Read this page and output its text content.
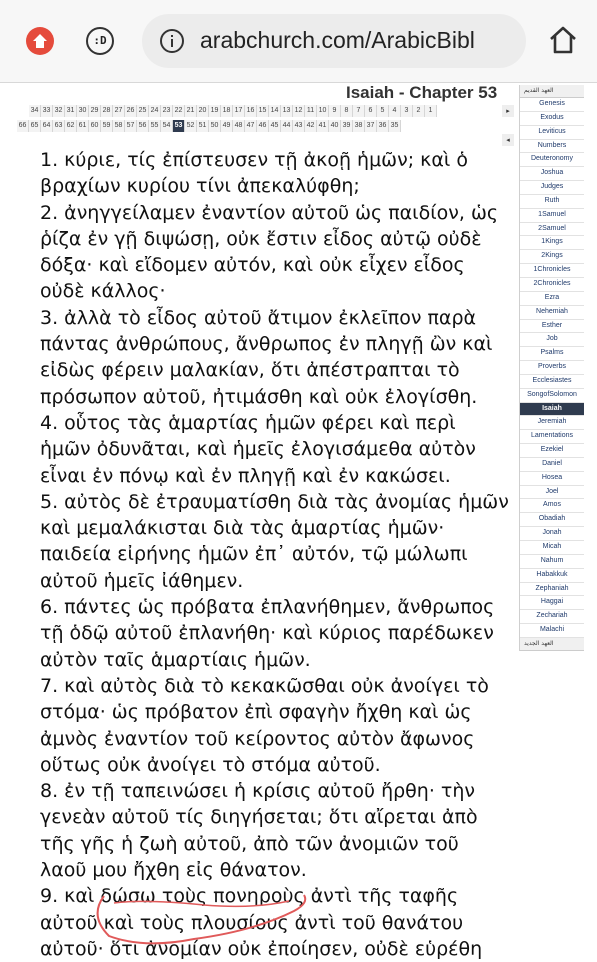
:D	arabchurch.com/ArabicBibl
Isaiah - Chapter 53
34 33 32 31 30 29 28 27 26 25 24 23 22 21 20 19 18 17 16 15 14 13 12 11 10 9	8	7	6	5	4	3	2	1
66 65 64 63 62 61 60 59 58 57 56 55 54 53 52 51 50 49 48 47 46 45 44 43 42 41 40 39 38 37 36 35
▸
◂

1. κύριε, τίς ἐπίστευσεν τῇ ἀκοῇ ἡμῶν; καὶ ὁ βραχίων κυρίου τίνι ἀπεκαλύφθη;

2. ἀνηγγείλαμεν ἐναντίον αὐτοῦ ὡς παιδίον, ὡς ῥίζα ἐν γῇ διψώσῃ, οὐκ ἔστιν εἶδος αὐτῷ οὐδὲ δόξα· καὶ εἴδομεν αὐτόν, καὶ οὐκ εἶχεν εἶδος οὐδὲ κάλλος·

3. ἀλλὰ τὸ εἶδος αὐτοῦ ἄτιμον ἐκλεῖπον παρὰ πάντας ἀνθρώπους, ἄνθρωπος ἐν πληγῇ ὢν καὶ εἰδὼς φέρειν μαλακίαν, ὅτι ἀπέστραπται τὸ πρόσωπον αὐτοῦ, ἠτιμάσθη καὶ οὐκ ἐλογίσθη.

4. οὗτος τὰς ἁμαρτίας ἡμῶν φέρει καὶ περὶ ἡμῶν ὀδυνᾶται, καὶ ἡμεῖς ἐλογισάμεθα αὐτὸν εἶναι ἐν πόνῳ καὶ ἐν πληγῇ καὶ ἐν κακώσει.

5. αὐτὸς δὲ ἐτραυματίσθη διὰ τὰς ἀνομίας ἡμῶν καὶ μεμαλάκισται διὰ τὰς ἁμαρτίας ἡμῶν· παιδεία εἰρήνης ἡμῶν ἐπ᾽ αὐτόν, τῷ μώλωπι αὐτοῦ ἡμεῖς ἰάθημεν.

6. πάντες ὡς πρόβατα ἐπλανήθημεν, ἄνθρωπος τῇ ὁδῷ αὐτοῦ ἐπλανήθη· καὶ κύριος παρέδωκεν αὐτὸν ταῖς ἁμαρτίαις ἡμῶν.

7. καὶ αὐτὸς διὰ τὸ κεκακῶσθαι οὐκ ἀνοίγει τὸ στόμα· ὡς πρόβατον ἐπὶ σφαγὴν ἤχθη καὶ ὡς ἀμνὸς ἐναντίον τοῦ κείροντος αὐτὸν ἄφωνος οὕτως οὐκ ἀνοίγει τὸ στόμα αὐτοῦ.

8. ἐν τῇ ταπεινώσει ἡ κρίσις αὐτοῦ ἤρθη· τὴν γενεὰν αὐτοῦ τίς διηγήσεται; ὅτι αἴρεται ἀπὸ τῆς γῆς ἡ ζωὴ αὐτοῦ, ἀπὸ τῶν ἀνομιῶν τοῦ λαοῦ μου ἤχθη εἰς θάνατον.

9. καὶ δώσω τοὺς πονηροὺς ἀντὶ τῆς ταφῆς αὐτοῦ καὶ τοὺς πλουσίους ἀντὶ τοῦ θανάτου αὐτοῦ· ὅτι ἀνομίαν οὐκ ἐποίησεν, οὐδὲ εὑρέθη

العهد القديم
Genesis
Exodus
Leviticus
Numbers
Deuteronomy
Joshua
Judges
Ruth
1Samuel
2Samuel
1Kings
2Kings
1Chronicles
2Chronicles
Ezra
Nehemiah
Esther
Job
Psalms
Proverbs
Ecclesiastes
SongofSolomon
Isaiah
Jeremiah
Lamentations
Ezekiel
Daniel
Hosea
Joel
Amos
Obadiah
Jonah
Micah
Nahum
Habakkuk
Zephaniah
Haggai
Zechariah
Malachi
العهد الجديد
